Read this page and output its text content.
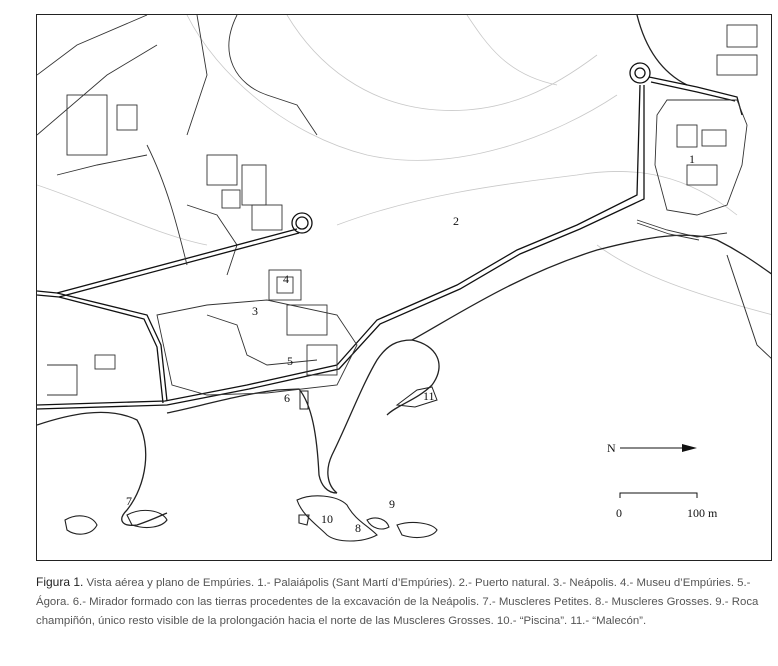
1
2
3
4
5
6
7
8
9
10
11
N
0	100 m
Figura 1. Vista aérea y plano de Empúries. 1.- Palaiápolis (Sant Martí d’Empúries). 2.- Puerto natural. 3.- Neápolis. 4.- Museu d’Empúries. 5.- Ágora. 6.- Mirador formado con las tierras procedentes de la excavación de la Neápolis. 7.- Muscleres Petites. 8.- Muscleres Grosses. 9.- Roca champiñón, único resto visible de la prolongación hacia el norte de las Muscleres Grosses. 10.- “Piscina”. 11.- “Malecón”.
